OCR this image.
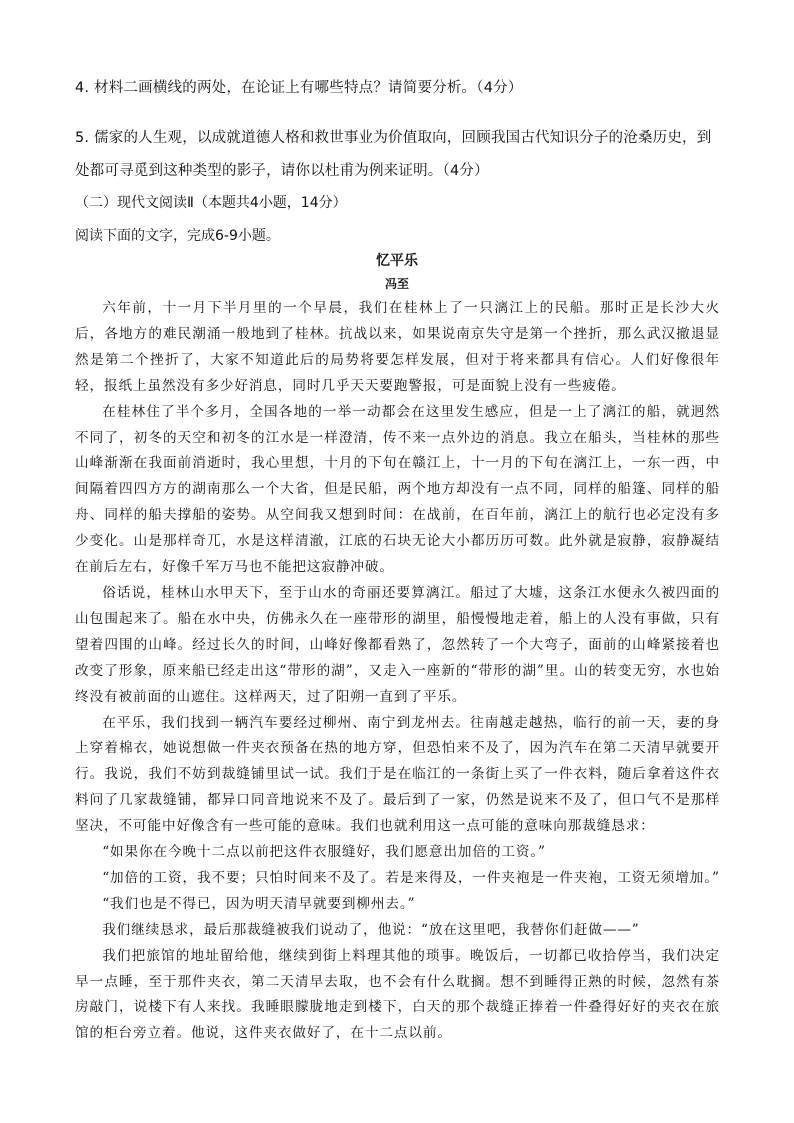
4. 材料二画横线的两处，在论证上有哪些特点？请简要分析。（4分）

5. 儒家的人生观，以成就道德人格和救世事业为价值取向，回顾我国古代知识分子的沧桑历史，到处都可寻觅到这种类型的影子，请你以杜甫为例来证明。（4分）

（二）现代文阅读Ⅱ（本题共4小题，14分）

阅读下面的文字，完成6-9小题。

忆平乐

冯至

六年前，十一月下半月里的一个早晨，我们在桂林上了一只漓江上的民船。那时正是长沙大火后，各地方的难民潮涌一般地到了桂林。抗战以来，如果说南京失守是第一个挫折，那么武汉撤退显然是第二个挫折了，大家不知道此后的局势将要怎样发展，但对于将来都具有信心。人们好像很年轻，报纸上虽然没有多少好消息，同时几乎天天要跑警报，可是面貌上没有一些疲倦。

在桂林住了半个多月，全国各地的一举一动都会在这里发生感应，但是一上了漓江的船，就迥然不同了，初冬的天空和初冬的江水是一样澄清，传不来一点外边的消息。我立在船头，当桂林的那些山峰渐渐在我面前消逝时，我心里想，十月的下旬在赣江上，十一月的下旬在漓江上，一东一西，中间隔着四四方方的湖南那么一个大省，但是民船，两个地方却没有一点不同，同样的船篷、同样的船舟、同样的船夫撑船的姿势。从空间我又想到时间：在战前，在百年前，漓江上的航行也必定没有多少变化。山是那样奇兀，水是这样清澈，江底的石块无论大小都历历可数。此外就是寂静，寂静凝结在前后左右，好像千军万马也不能把这寂静冲破。

俗话说，桂林山水甲天下，至于山水的奇丽还要算漓江。船过了大墟，这条江水便永久被四面的山包围起来了。船在水中央，仿佛永久在一座带形的湖里，船慢慢地走着，船上的人没有事做，只有望着四围的山峰。经过长久的时间，山峰好像都看熟了，忽然转了一个大弯子，面前的山峰紧接着也改变了形象，原来船已经走出这“带形的湖”，又走入一座新的“带形的湖”里。山的转变无穷，水也始终没有被前面的山遮住。这样两天，过了阳朔一直到了平乐。

在平乐，我们找到一辆汽车要经过柳州、南宁到龙州去。往南越走越热，临行的前一天，妻的身上穿着棉衣，她说想做一件夹衣预备在热的地方穿，但恐怕来不及了，因为汽车在第二天清早就要开行。我说，我们不妨到裁缝铺里试一试。我们于是在临江的一条街上买了一件衣料，随后拿着这件衣料问了几家裁缝铺，都异口同音地说来不及了。最后到了一家，仍然是说来不及了，但口气不是那样坚决，不可能中好像含有一些可能的意味。我们也就利用这一点可能的意味向那裁缝恳求：

“如果你在今晚十二点以前把这件衣服缝好，我们愿意出加倍的工资。”

“加倍的工资，我不要；只怕时间来不及了。若是来得及，一件夹袍是一件夹袍，工资无须增加。”

“我们也是不得已，因为明天清早就要到柳州去。”

我们继续恳求，最后那裁缝被我们说动了，他说：“放在这里吧，我替你们赶做——”

我们把旅馆的地址留给他，继续到街上料理其他的琐事。晚饭后，一切都已收拾停当，我们决定早一点睡，至于那件夹衣，第二天清早去取，也不会有什么耽搁。想不到睡得正熟的时候，忽然有茶房敲门，说楼下有人来找。我睡眼朦胧地走到楼下，白天的那个裁缝正捧着一件叠得好好的夹衣在旅馆的柜台旁立着。他说，这件夹衣做好了，在十二点以前。
